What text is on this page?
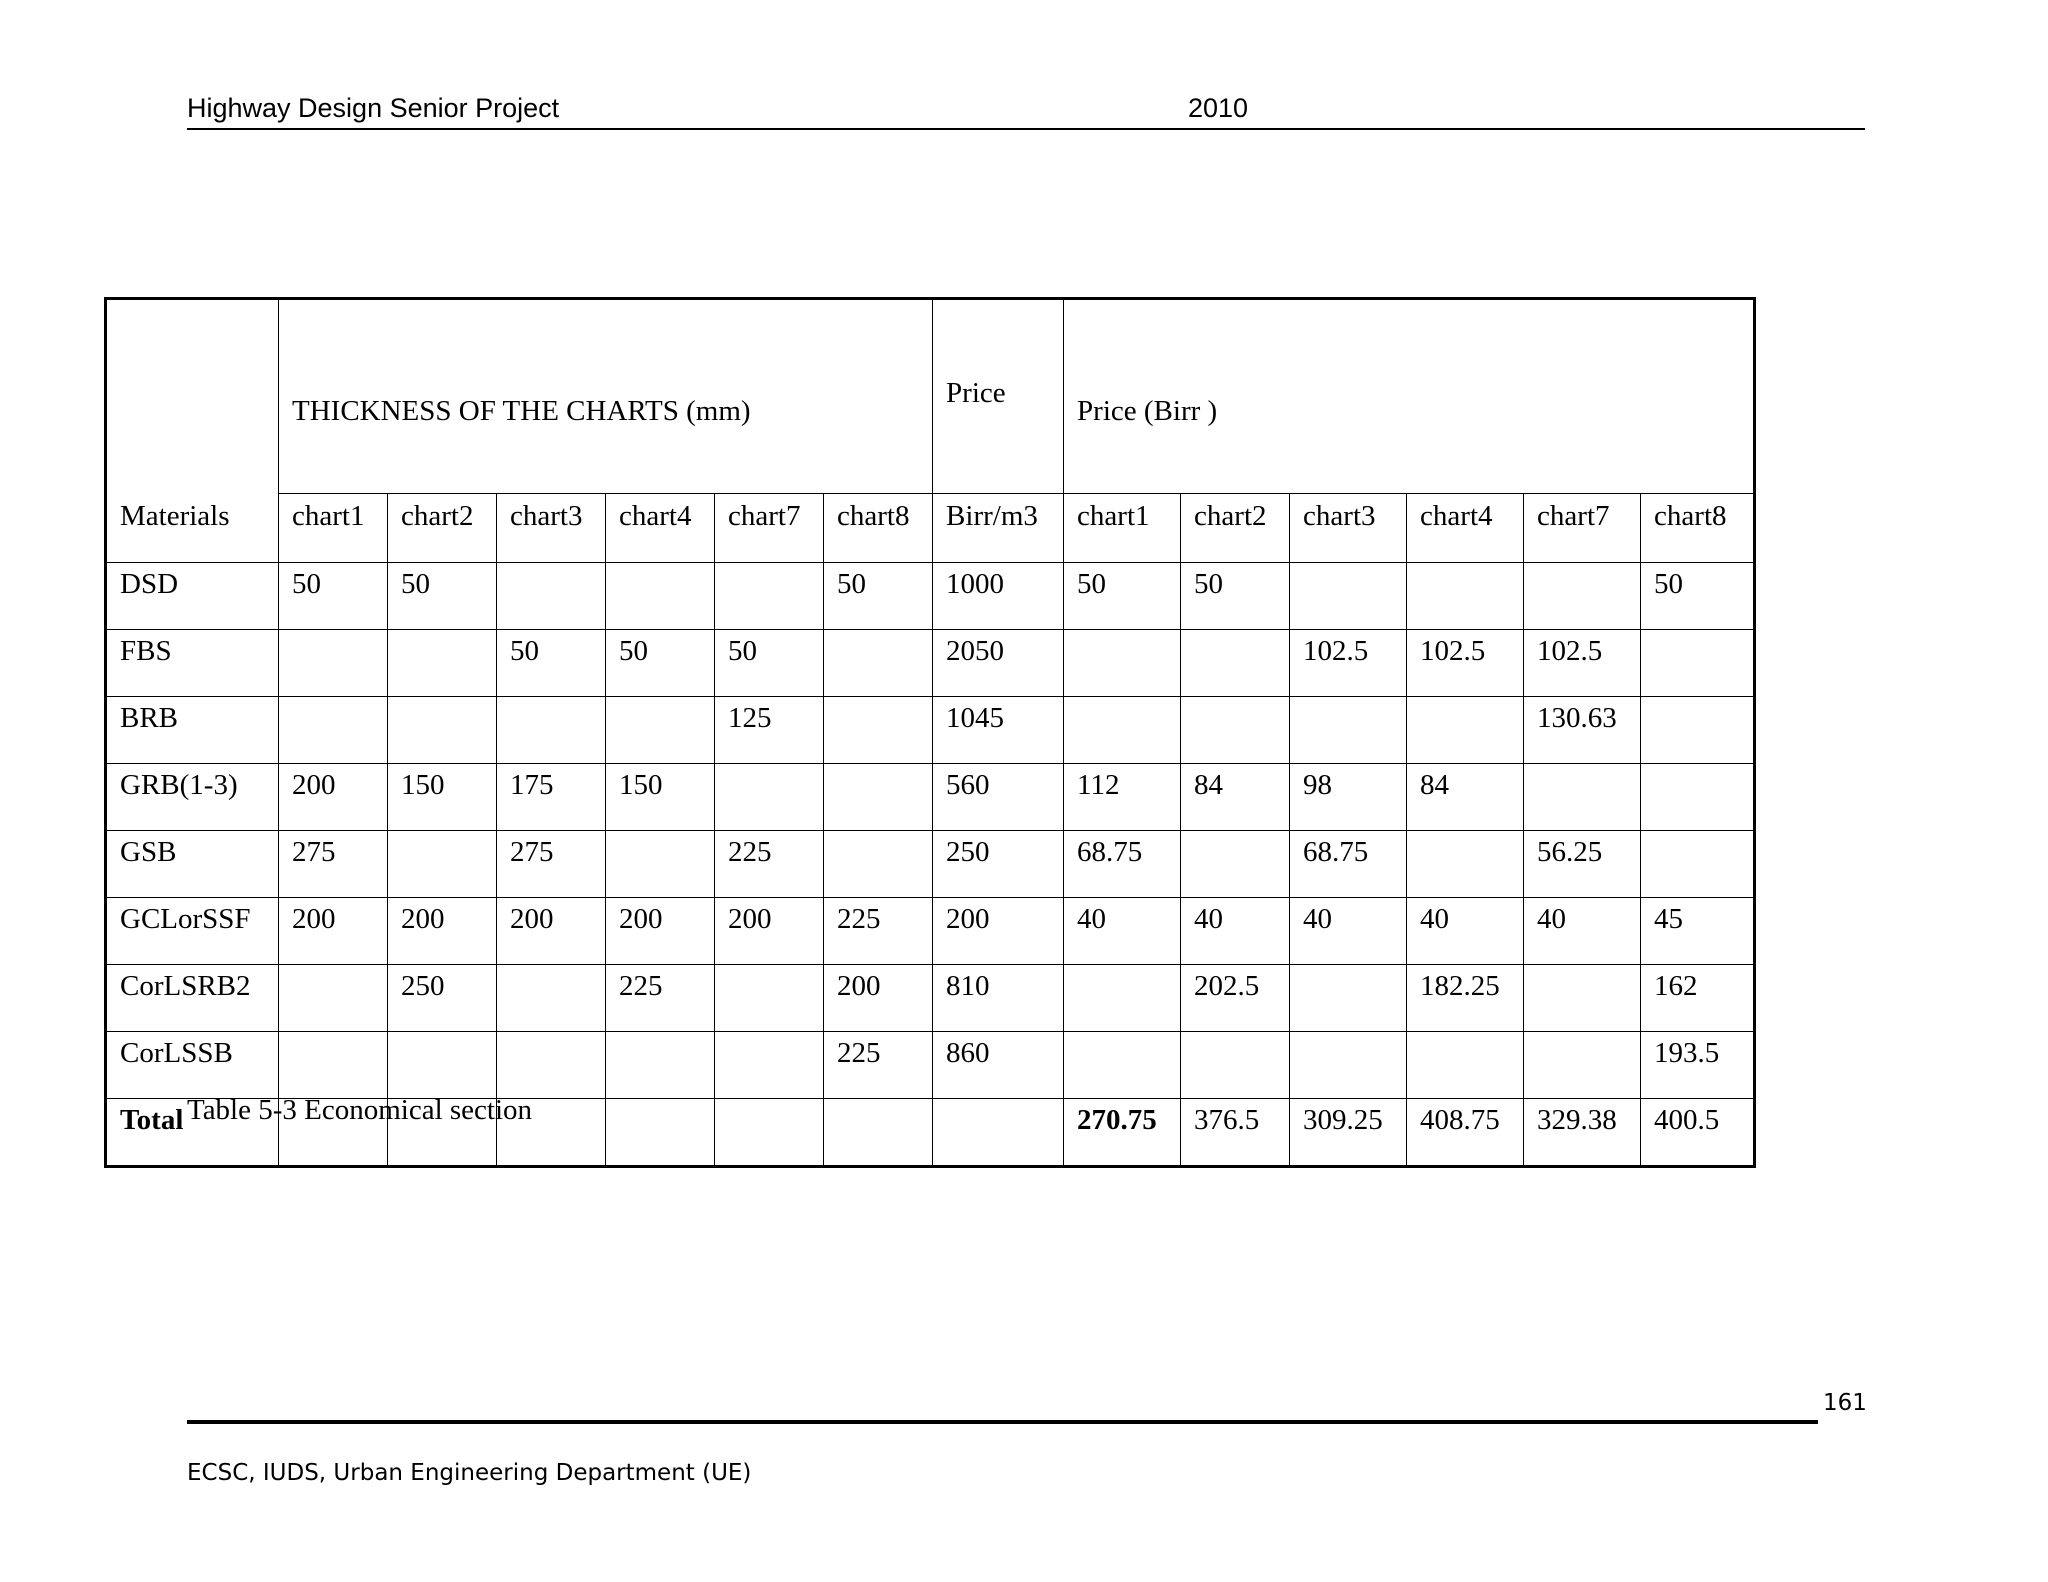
Highway Design Senior Project	2010
	THICKNESS OF THE CHARTS (mm)						Price	Price (Birr )					
Materials	chart1	chart2	chart3	chart4	chart7	chart8	Birr/m3	chart1	chart2	chart3	chart4	chart7	chart8
DSD	50	50				50	1000	50	50				50
FBS			50	50	50		2050			102.5	102.5	102.5	
BRB					125		1045					130.63	
GRB(1-3)	200	150	175	150			560	112	84	98	84		
GSB	275		275		225		250	68.75		68.75		56.25	
GCLorSSF	200	200	200	200	200	225	200	40	40	40	40	40	45
CorLSRB2		250		225		200	810		202.5		182.25		162
CorLSSB						225	860						193.5
Total								270.75	376.5	309.25	408.75	329.38	400.5
Table 5-3 Economical section
161
ECSC, IUDS, Urban Engineering Department (UE)
